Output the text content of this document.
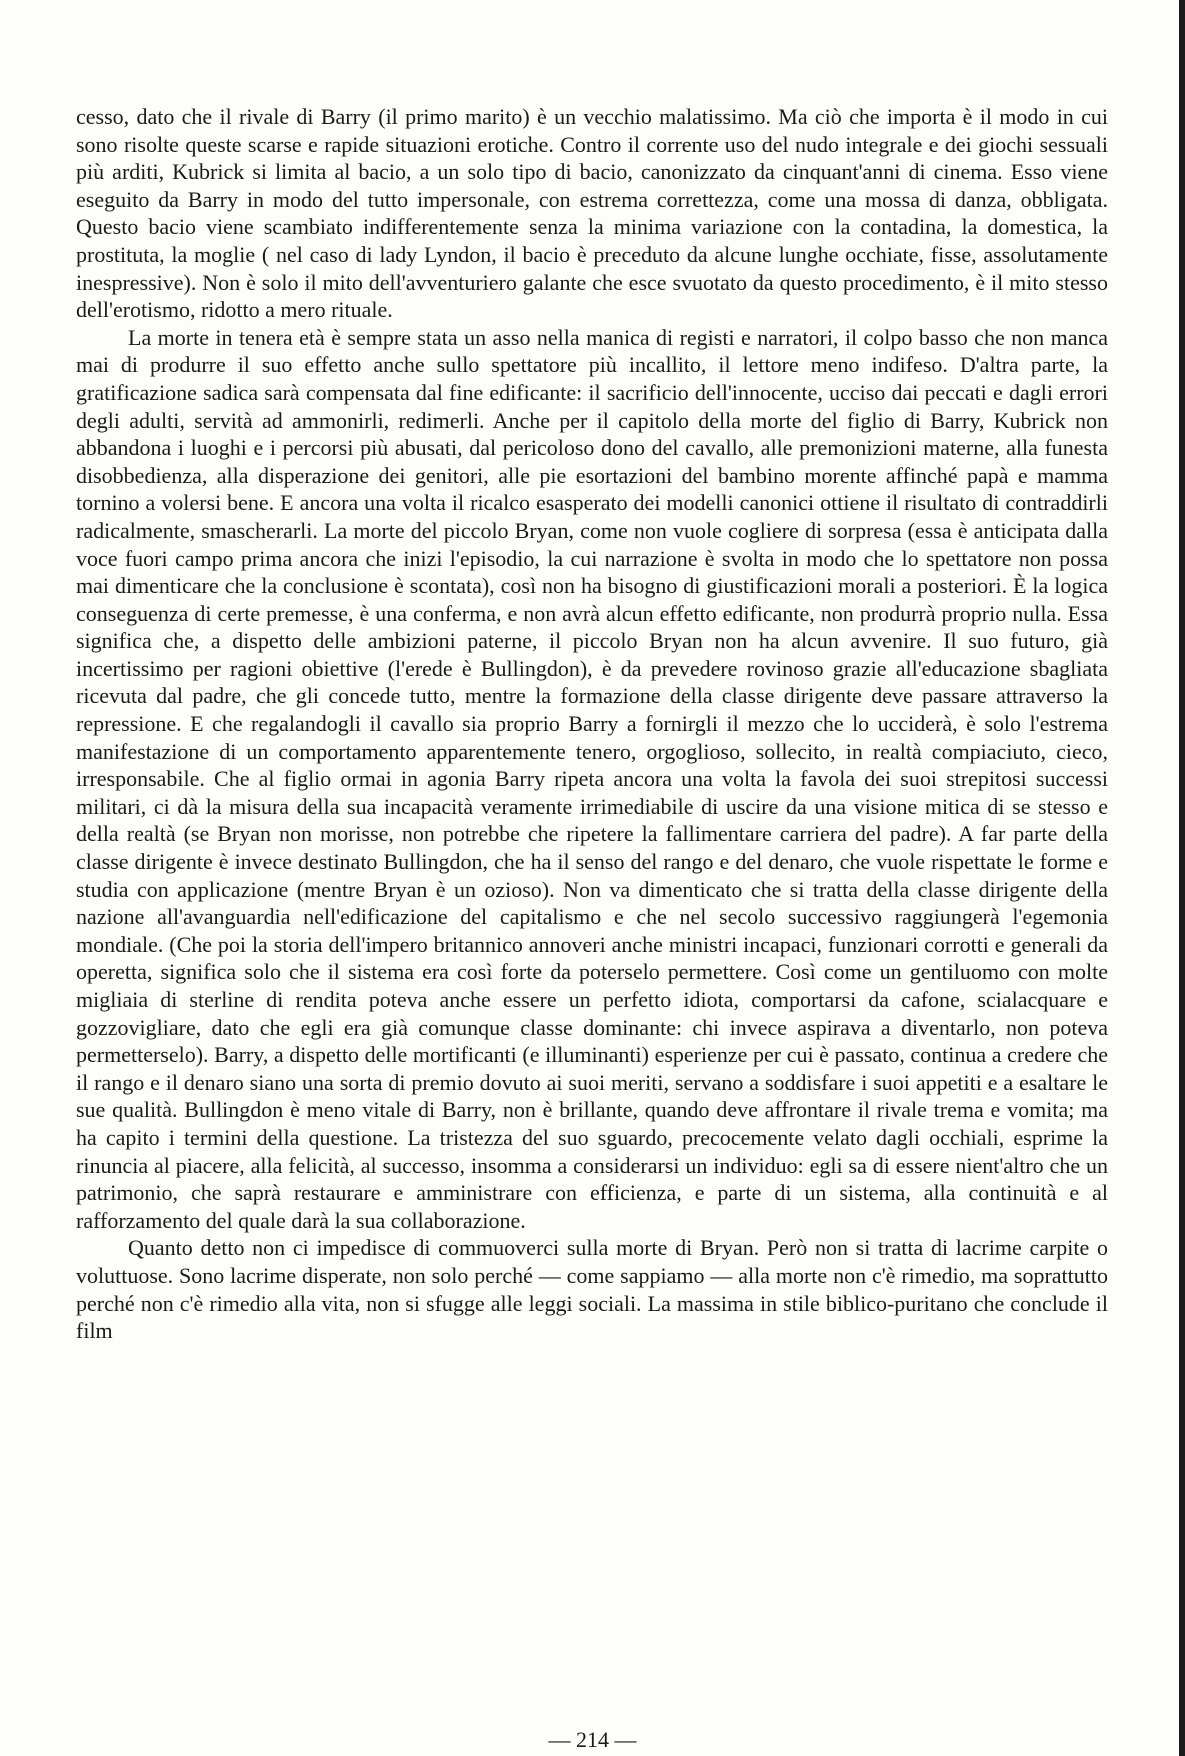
cesso, dato che il rivale di Barry (il primo marito) è un vecchio malatissimo. Ma ciò che importa è il modo in cui sono risolte queste scarse e rapide situazioni erotiche. Contro il corrente uso del nudo integrale e dei giochi sessuali più arditi, Kubrick si limita al bacio, a un solo tipo di bacio, canonizzato da cinquant'anni di cinema. Esso viene eseguito da Barry in modo del tutto impersonale, con estrema correttezza, come una mossa di danza, obbligata. Questo bacio viene scambiato indifferentemente senza la minima variazione con la contadina, la domestica, la prostituta, la moglie ( nel caso di lady Lyndon, il bacio è preceduto da alcune lunghe occhiate, fisse, assolutamente inespressive). Non è solo il mito dell'avventuriero galante che esce svuotato da questo procedimento, è il mito stesso dell'erotismo, ridotto a mero rituale.

La morte in tenera età è sempre stata un asso nella manica di registi e narratori, il colpo basso che non manca mai di produrre il suo effetto anche sullo spettatore più incallito, il lettore meno indifeso. D'altra parte, la gratificazione sadica sarà compensata dal fine edificante: il sacrificio dell'innocente, ucciso dai peccati e dagli errori degli adulti, servità ad ammonirli, redimerli. Anche per il capitolo della morte del figlio di Barry, Kubrick non abbandona i luoghi e i percorsi più abusati, dal pericoloso dono del cavallo, alle premonizioni materne, alla funesta disobbedienza, alla disperazione dei genitori, alle pie esortazioni del bambino morente affinché papà e mamma tornino a volersi bene. E ancora una volta il ricalco esasperato dei modelli canonici ottiene il risultato di contraddirli radicalmente, smascherarli. La morte del piccolo Bryan, come non vuole cogliere di sorpresa (essa è anticipata dalla voce fuori campo prima ancora che inizi l'episodio, la cui narrazione è svolta in modo che lo spettatore non possa mai dimenticare che la conclusione è scontata), così non ha bisogno di giustificazioni morali a posteriori. È la logica conseguenza di certe premesse, è una conferma, e non avrà alcun effetto edificante, non produrrà proprio nulla. Essa significa che, a dispetto delle ambizioni paterne, il piccolo Bryan non ha alcun avvenire. Il suo futuro, già incertissimo per ragioni obiettive (l'erede è Bullingdon), è da prevedere rovinoso grazie all'educazione sbagliata ricevuta dal padre, che gli concede tutto, mentre la formazione della classe dirigente deve passare attraverso la repressione. E che regalandogli il cavallo sia proprio Barry a fornirgli il mezzo che lo ucciderà, è solo l'estrema manifestazione di un comportamento apparentemente tenero, orgoglioso, sollecito, in realtà compiaciuto, cieco, irresponsabile. Che al figlio ormai in agonia Barry ripeta ancora una volta la favola dei suoi strepitosi successi militari, ci dà la misura della sua incapacità veramente irrimediabile di uscire da una visione mitica di se stesso e della realtà (se Bryan non morisse, non potrebbe che ripetere la fallimentare carriera del padre). A far parte della classe dirigente è invece destinato Bullingdon, che ha il senso del rango e del denaro, che vuole rispettate le forme e studia con applicazione (mentre Bryan è un ozioso). Non va dimenticato che si tratta della classe dirigente della nazione all'avanguardia nell'edificazione del capitalismo e che nel secolo successivo raggiungerà l'egemonia mondiale. (Che poi la storia dell'impero britannico annoveri anche ministri incapaci, funzionari corrotti e generali da operetta, significa solo che il sistema era così forte da poterselo permettere. Così come un gentiluomo con molte migliaia di sterline di rendita poteva anche essere un perfetto idiota, comportarsi da cafone, scialacquare e gozzovigliare, dato che egli era già comunque classe dominante: chi invece aspirava a diventarlo, non poteva permetterselo). Barry, a dispetto delle mortificanti (e illuminanti) esperienze per cui è passato, continua a credere che il rango e il denaro siano una sorta di premio dovuto ai suoi meriti, servano a soddisfare i suoi appetiti e a esaltare le sue qualità. Bullingdon è meno vitale di Barry, non è brillante, quando deve affrontare il rivale trema e vomita; ma ha capito i termini della questione. La tristezza del suo sguardo, precocemente velato dagli occhiali, esprime la rinuncia al piacere, alla felicità, al successo, insomma a considerarsi un individuo: egli sa di essere nient'altro che un patrimonio, che saprà restaurare e amministrare con efficienza, e parte di un sistema, alla continuità e al rafforzamento del quale darà la sua collaborazione.

Quanto detto non ci impedisce di commuoverci sulla morte di Bryan. Però non si tratta di lacrime carpite o voluttuose. Sono lacrime disperate, non solo perché — come sappiamo — alla morte non c'è rimedio, ma soprattutto perché non c'è rimedio alla vita, non si sfugge alle leggi sociali. La massima in stile biblico-puritano che conclude il film

— 214 —
